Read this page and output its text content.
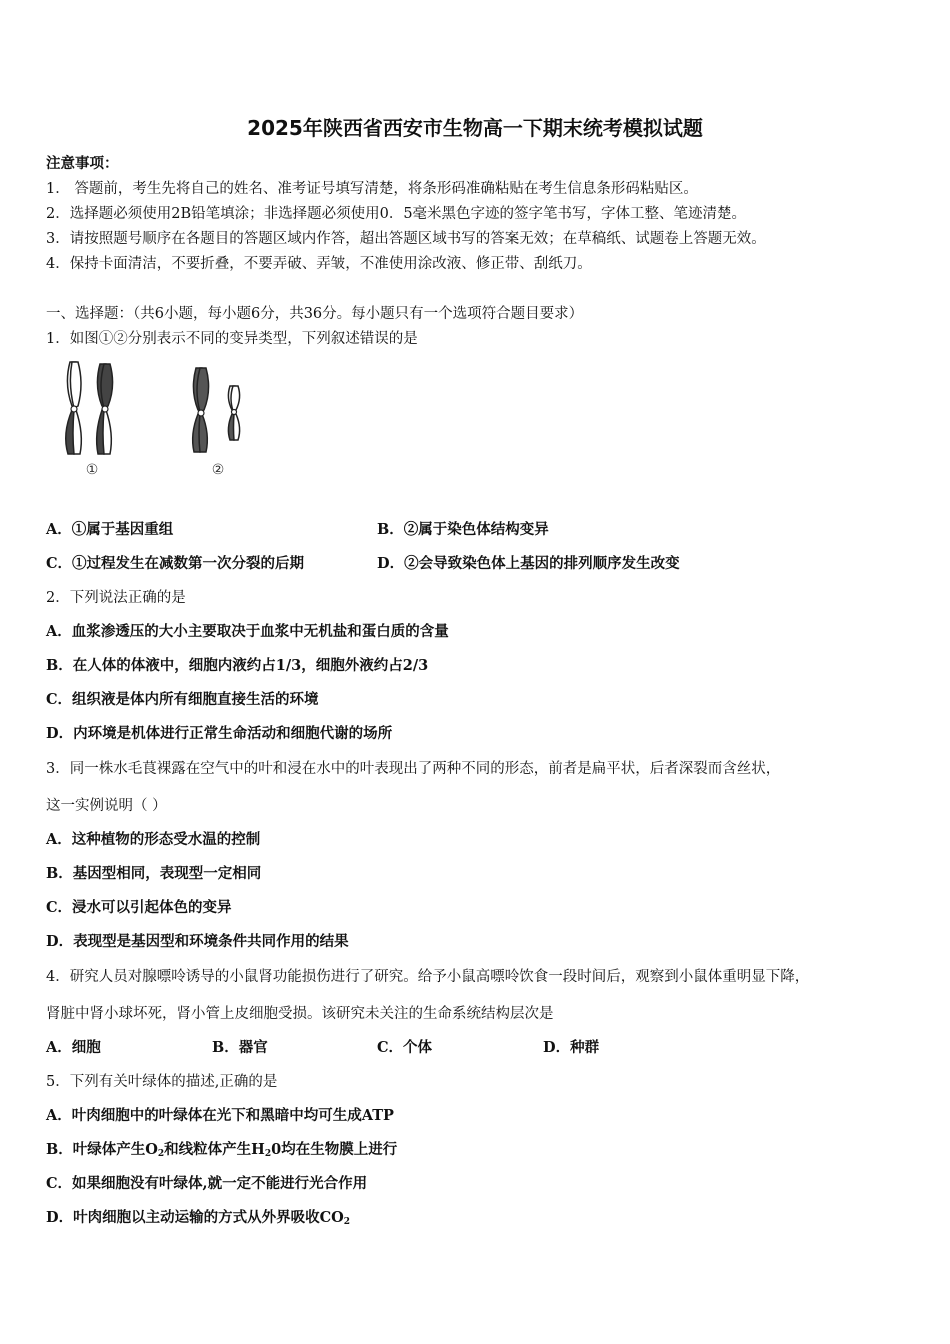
2025年陕西省西安市生物高一下期末统考模拟试题
注意事项：
1． 答题前，考生先将自己的姓名、准考证号填写清楚，将条形码准确粘贴在考生信息条形码粘贴区。
2．选择题必须使用2B铅笔填涂；非选择题必须使用0．5毫米黑色字迹的签字笔书写，字体工整、笔迹清楚。
3．请按照题号顺序在各题目的答题区域内作答，超出答题区域书写的答案无效；在草稿纸、试题卷上答题无效。
4．保持卡面清洁，不要折叠，不要弄破、弄皱，不准使用涂改液、修正带、刮纸刀。
一、选择题：（共6小题，每小题6分，共36分。每小题只有一个选项符合题目要求）
1．如图①②分别表示不同的变异类型，下列叙述错误的是
①	②
A．①属于基因重组	B．②属于染色体结构变异
C．①过程发生在减数第一次分裂的后期	D．②会导致染色体上基因的排列顺序发生改变
2．下列说法正确的是
A．血浆渗透压的大小主要取决于血浆中无机盐和蛋白质的含量
B．在人体的体液中，细胞内液约占1/3，细胞外液约占2/3
C．组织液是体内所有细胞直接生活的环境
D．内环境是机体进行正常生命活动和细胞代谢的场所
3．同一株水毛茛裸露在空气中的叶和浸在水中的叶表现出了两种不同的形态，前者是扁平状，后者深裂而含丝状，
这一实例说明（ ）
A．这种植物的形态受水温的控制
B．基因型相同，表现型一定相同
C．浸水可以引起体色的变异
D．表现型是基因型和环境条件共同作用的结果
4．研究人员对腺嘌呤诱导的小鼠肾功能损伤进行了研究。给予小鼠高嘌呤饮食一段时间后，观察到小鼠体重明显下降，
肾脏中肾小球坏死，肾小管上皮细胞受损。该研究未关注的生命系统结构层次是
A．细胞	B．器官	C．个体	D．种群
5．下列有关叶绿体的描述,正确的是
A．叶肉细胞中的叶绿体在光下和黑暗中均可生成ATP
B．叶绿体产生$O_2$和线粒体产生$H_20$均在生物膜上进行
C．如果细胞没有叶绿体,就一定不能进行光合作用
D．叶肉细胞以主动运输的方式从外界吸收$CO_2$
